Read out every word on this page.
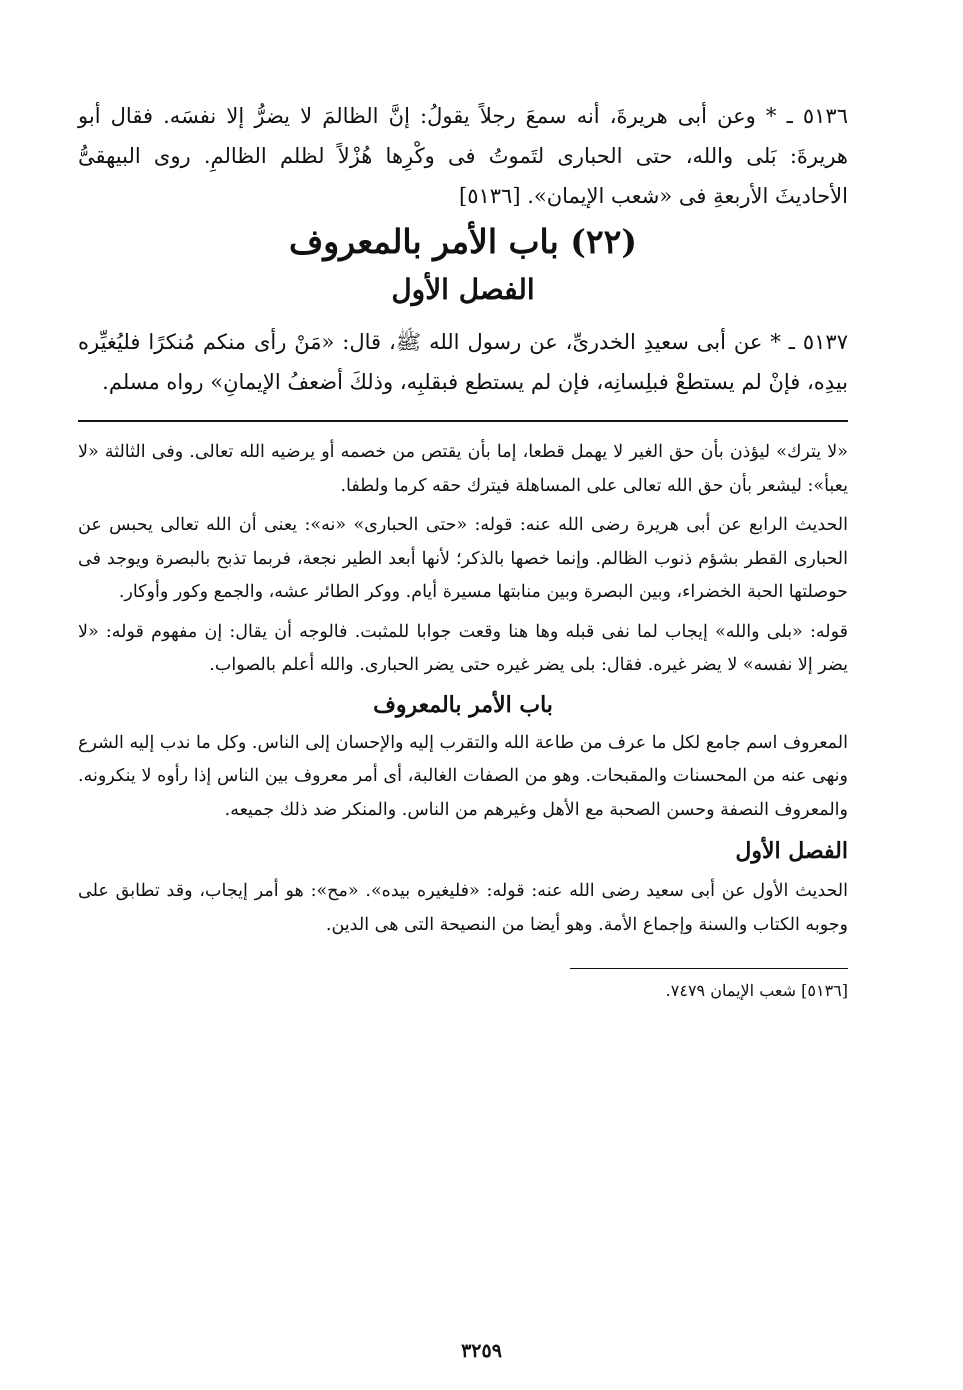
٥١٣٦ ـ * وعن أبى هريرةَ، أنه سمعَ رجلاً يقولُ: إنَّ الظالمَ لا يضرُّ إلا نفسَه. فقال أبو هريرةَ: بَلى والله، حتى الحبارى لتَموتُ فى وكْرِها هُزْلاً لظلم الظالمِ. روى البيهقىُّ الأحاديثَ الأربعةِ فى «شعب الإيمان». [٥١٣٦]

(٢٢) باب الأمر بالمعروف
الفصل الأول

٥١٣٧ ـ * عن أبى سعيدِ الخدرىِّ، عن رسول الله ﷺ، قال: «مَنْ رأى منكم مُنكرًا فليُغيِّره بيدِه، فإنْ لم يستطعْ فبلِسانِه، فإن لم يستطع فبقلبِه، وذلكَ أضعفُ الإيمانِ» رواه مسلم.

«لا يترك» ليؤذن بأن حق الغير لا يهمل قطعا، إما بأن يقتص من خصمه أو يرضيه الله تعالى. وفى الثالثة «لا يعبأ»: ليشعر بأن حق الله تعالى على المساهلة فيترك حقه كرما ولطفا.

الحديث الرابع عن أبى هريرة رضى الله عنه: قوله: «حتى الحبارى» «نه»: يعنى أن الله تعالى يحبس عن الحبارى القطر بشؤم ذنوب الظالم. وإنما خصها بالذكر؛ لأنها أبعد الطير نجعة، فربما تذبح بالبصرة ويوجد فى حوصلتها الحبة الخضراء، وبين البصرة وبين منابتها مسيرة أيام. ووكر الطائر عشه، والجمع وكور وأوكار.

قوله: «بلى والله» إيجاب لما نفى قبله وها هنا وقعت جوابا للمثبت. فالوجه أن يقال: إن مفهوم قوله: «لا يضر إلا نفسه» لا يضر غيره. فقال: بلى يضر غيره حتى يضر الحبارى. والله أعلم بالصواب.

باب الأمر بالمعروف

المعروف اسم جامع لكل ما عرف من طاعة الله والتقرب إليه والإحسان إلى الناس. وكل ما ندب إليه الشرع ونهى عنه من المحسنات والمقبحات. وهو من الصفات الغالبة، أى أمر معروف بين الناس إذا رأوه لا ينكرونه. والمعروف النصفة وحسن الصحبة مع الأهل وغيرهم من الناس. والمنكر ضد ذلك جميعه.

الفصل الأول

الحديث الأول عن أبى سعيد رضى الله عنه: قوله: «فليغيره بيده». «مح»: هو أمر إيجاب، وقد تطابق على وجوبه الكتاب والسنة وإجماع الأمة. وهو أيضا من النصيحة التى هى الدين.

[٥١٣٦] شعب الإيمان ٧٤٧٩.

٣٢٥٩
